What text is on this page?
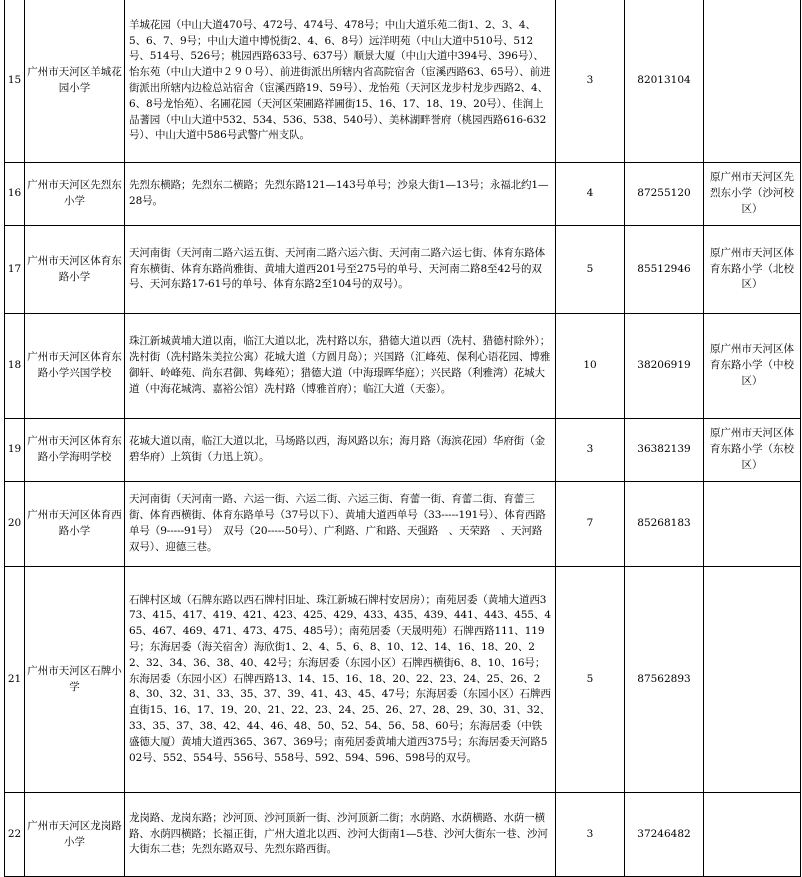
15	广州市天河区羊城花园小学	羊城花园（中山大道470号、472号、474号、478号；中山大道乐苑二街1、2、3、4、5、6、7、9号；中山大道中博悦街2、4、6、8号）远洋明苑（中山大道中510号、512号、514号、526号；桃园西路633号、637号）顺景大厦（中山大道中394号、396号）、怡东苑（中山大道中２９０号）、前进街派出所辖内省高院宿舍（宦溪西路63、65号）、前进街派出所辖内边检总站宿舍（宦溪西路19、59号）、龙怡苑（天河区龙步村龙步西路2、4、6、8号龙怡苑）、名圃花园（天河区荣圃路祥圃街15、16、17、18、19、20号）、佳润上品蓍园（中山大道中532、534、536、538、540号）、美林湖畔誉府（桃园西路616-632号）、中山大道中586号武警广州支队。	3	82013104	
16	广州市天河区先烈东小学	先烈东横路；先烈东二横路；先烈东路121—143号单号；沙泉大街1—13号；永福北约1—28号。	4	87255120	原广州市天河区先烈东小学（沙河校区）
17	广州市天河区体育东路小学	天河南街（天河南二路六运五街、天河南二路六运六街、天河南二路六运七街、体育东路体育东横街、体育东路尚雅街、黄埔大道西201号至275号的单号、天河南二路8至42号的双号、天河东路17-61号的单号、体育东路2至104号的双号）。	5	85512946	原广州市天河区体育东路小学（北校区）
18	广州市天河区体育东路小学兴国学校	珠江新城黄埔大道以南，临江大道以北，冼村路以东，猎德大道以西（冼村、猎德村除外）；冼村街（冼村路朱美拉公寓）花城大道（方圆月岛）；兴国路（汇峰苑、保利心语花园、博雅御轩、岭峰苑、尚东君御、隽峰苑）；猎德大道（中海璟晖华庭）；兴民路（利雅湾）花城大道（中海花城湾、嘉裕公馆）冼村路（博雅首府）；临江大道（天銮）。	10	38206919	原广州市天河区体育东路小学（中校区）
19	广州市天河区体育东路小学海明学校	花城大道以南，临江大道以北，马场路以西，海风路以东；海月路（海滨花园）华府街（金碧华府）上筑街（力迅上筑）。	3	36382139	原广州市天河区体育东路小学（东校区）
20	广州市天河区体育西路小学	天河南街（天河南一路、六运一街、六运二街、六运三街、育蕾一街、育蕾二街、育蕾三街、体育西横街、体育东路单号（37号以下）、黄埔大道西单号（33-----191号）、体育西路单号（9-----91号）　双号（20-----50号）、广利路、广和路、天强路　、天荣路　、天河路双号）、迎德三巷。	7	85268183	
21	广州市天河区石牌小学	石牌村区域（石牌东路以西石牌村旧址、珠江新城石牌村安居房）；南苑居委（黄埔大道西373、415、417、419、421、423、425、429、433、435、439、441、443、455、465、467、469、471、473、475、485号）；南苑居委（天晟明苑）石牌西路111、119号；东海居委（海关宿舍）海欣街1、2、4、5、6、8、10、12、14、16、18、20、22、32、34、36、38、40、42号；东海居委（东园小区）石牌西横街6、8、10、16号；东海居委（东园小区）石牌西路13、14、15、16、18、20、22、23、24、25、26、28、30、32、31、33、35、37、39、41、43、45、47号；东海居委（东园小区）石牌西直街15、16、17、19、20、21、22、23、24、25、26、27、28、29、30、31、32、33、35、37、38、42、44、46、48、50、52、54、56、58、60号；东海居委（中铁盛德大厦）黄埔大道西365、367、369号；南苑居委黄埔大道西375号；东海居委天河路502号、552、554号、556号、558号、592、594、596、598号的双号。	5	87562893	
22	广州市天河区龙岗路小学	龙岗路、龙岗东路；沙河顶、沙河顶新一街、沙河顶新二街；水荫路、水荫横路、水荫一横路、水荫四横路；长福正街，广州大道北以西、沙河大街南1—5巷、沙河大街东一巷、沙河大街东二巷；先烈东路双号、先烈东路西街。	3	37246482	
